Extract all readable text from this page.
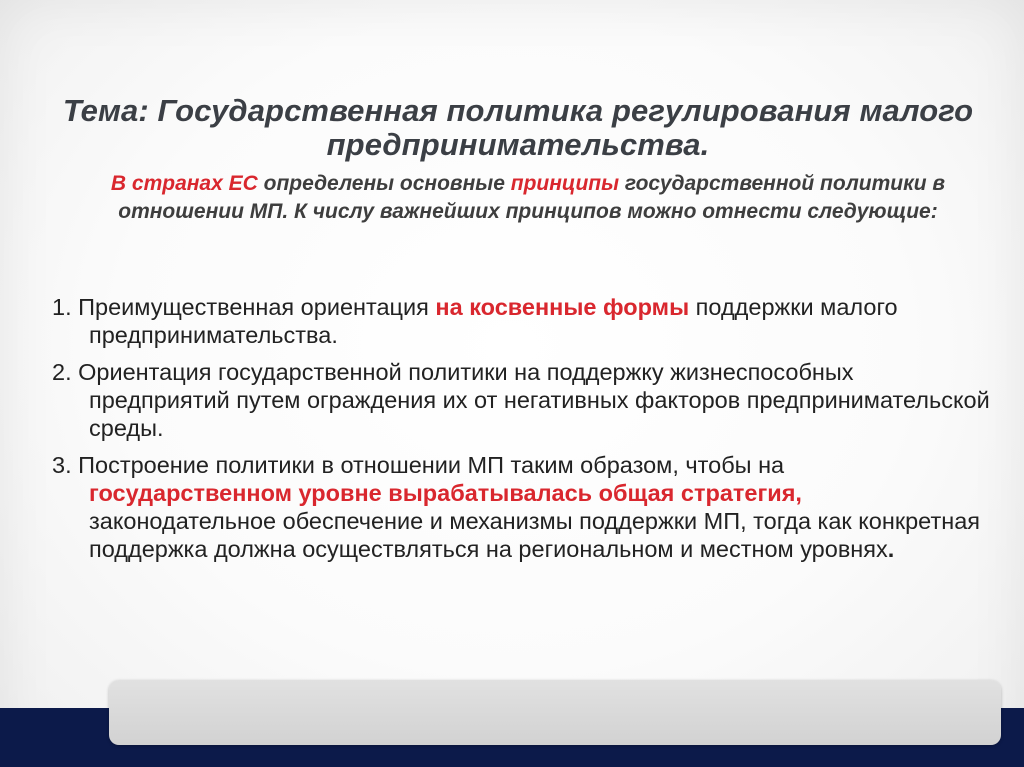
Тема: Государственная политика регулирования малого предпринимательства.
В странах ЕС определены основные принципы государственной политики в отношении МП. К числу важнейших принципов можно отнести следующие:
1. Преимущественная ориентация на косвенные формы поддержки малого предпринимательства.
2. Ориентация государственной политики на поддержку жизнеспособных предприятий путем ограждения их от негативных факторов предпринимательской среды.
3. Построение политики в отношении МП таким образом, чтобы на государственном уровне вырабатывалась общая стратегия, законодательное обеспечение и механизмы поддержки МП, тогда как конкретная поддержка должна осуществляться на региональном и местном уровнях.
